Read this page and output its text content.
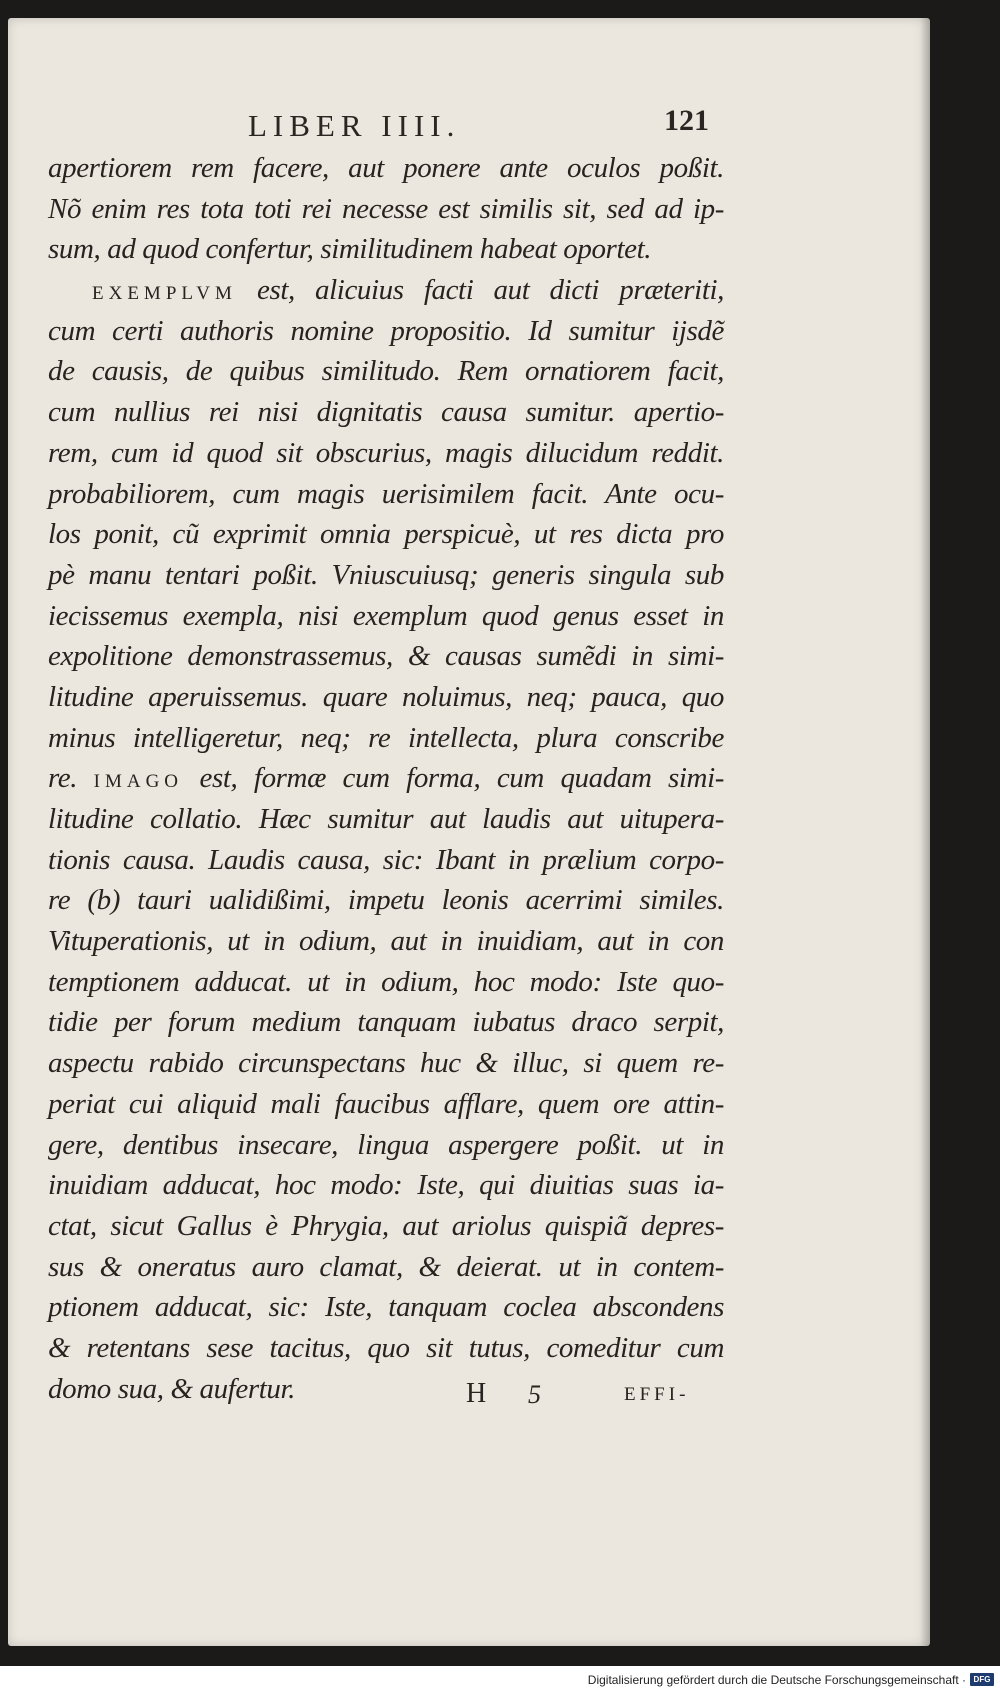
LIBER IIII.	121
apertiorem rem facere, aut ponere ante oculos poßit.
Nõ enim res tota toti rei necesse est similis sit, sed ad ip-
sum, ad quod confertur, similitudinem habeat oportet.
EXEMPLVM est, alicuius facti aut dicti præteriti,
cum certi authoris nomine propositio. Id sumitur ijsdẽ
de causis, de quibus similitudo. Rem ornatiorem facit,
cum nullius rei nisi dignitatis causa sumitur. apertio-
rem, cum id quod sit obscurius, magis dilucidum reddit.
probabiliorem, cum magis uerisimilem facit. Ante ocu-
los ponit, cũ exprimit omnia perspicuè, ut res dicta pro
pè manu tentari poßit. Vniuscuiusq; generis singula sub
iecissemus exempla, nisi exemplum quod genus esset in
expolitione demonstrassemus, & causas sumẽdi in simi-
litudine aperuissemus. quare noluimus, neq; pauca, quo
minus intelligeretur, neq; re intellecta, plura conscribe
re. IMAGO est, formæ cum forma, cum quadam simi-
litudine collatio. Hæc sumitur aut laudis aut uitupera-
tionis causa. Laudis causa, sic: Ibant in prælium corpo-
re (b) tauri ualidißimi, impetu leonis acerrimi similes.
Vituperationis, ut in odium, aut in inuidiam, aut in con
temptionem adducat. ut in odium, hoc modo: Iste quo-
tidie per forum medium tanquam iubatus draco serpit,
aspectu rabido circunspectans huc & illuc, si quem re-
periat cui aliquid mali faucibus afflare, quem ore attin-
gere, dentibus insecare, lingua aspergere poßit. ut in
inuidiam adducat, hoc modo: Iste, qui diuitias suas ia-
ctat, sicut Gallus è Phrygia, aut ariolus quispiã depres-
sus & oneratus auro clamat, & deierat. ut in contem-
ptionem adducat, sic: Iste, tanquam coclea abscondens
& retentans sese tacitus, quo sit tutus, comeditur cum
domo sua, & aufertur.	H 5	EFFI-
Digitalisierung gefördert durch die Deutsche Forschungsgemeinschaft · DFG
